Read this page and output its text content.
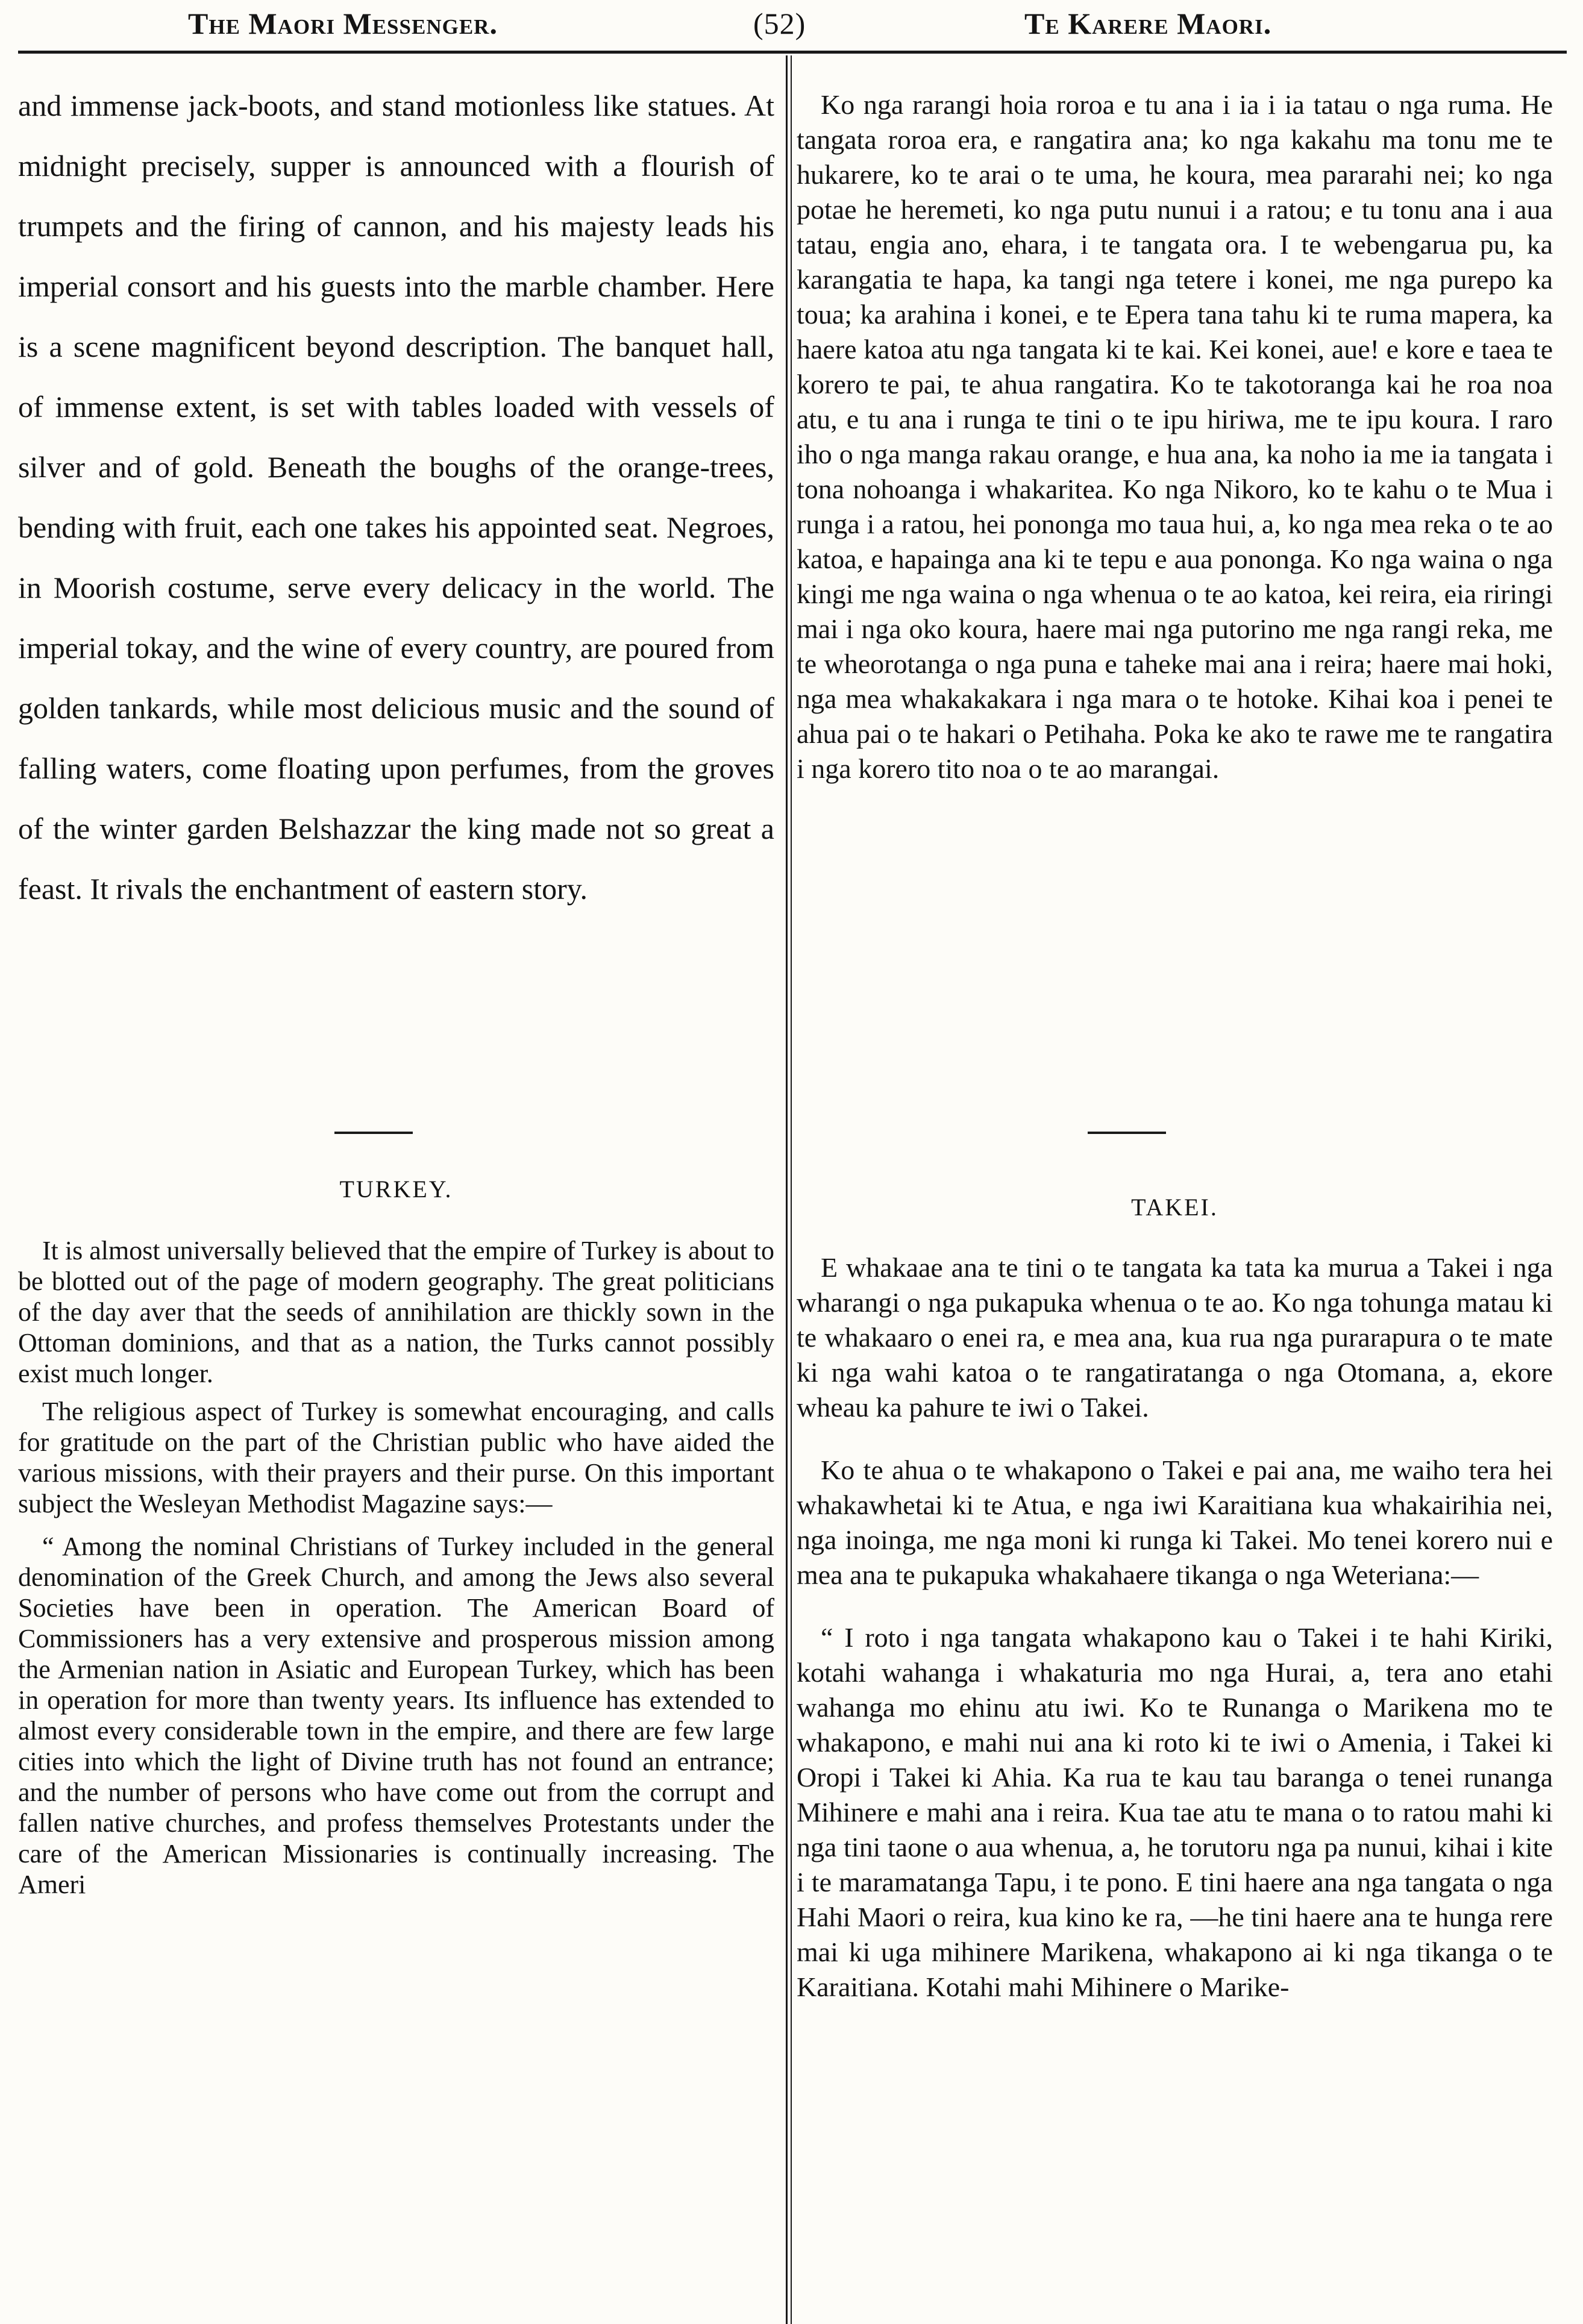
The Maori Messenger.	(52)	Te Karere Maori.

and immense jack-boots, and stand motionless like statues. At midnight precisely, supper is announced with a flourish of trumpets and the firing of cannon, and his majesty leads his imperial consort and his guests into the marble chamber. Here is a scene magnificent beyond description. The banquet hall, of immense extent, is set with tables loaded with vessels of silver and of gold. Beneath the boughs of the orange-trees, bending with fruit, each one takes his appointed seat. Negroes, in Moorish costume, serve every delicacy in the world. The imperial tokay, and the wine of every country, are poured from golden tankards, while most delicious music and the sound of falling waters, come floating upon perfumes, from the groves of the winter garden Belshazzar the king made not so great a feast. It rivals the enchantment of eastern story.

TURKEY.

It is almost universally believed that the empire of Turkey is about to be blotted out of the page of modern geography. The great politicians of the day aver that the seeds of annihilation are thickly sown in the Ottoman dominions, and that as a nation, the Turks cannot possibly exist much longer.

The religious aspect of Turkey is somewhat encouraging, and calls for gratitude on the part of the Christian public who have aided the various missions, with their prayers and their purse. On this important subject the Wesleyan Methodist Magazine says:—

“ Among the nominal Christians of Turkey included in the general denomination of the Greek Church, and among the Jews also several Societies have been in operation. The American Board of Commissioners has a very extensive and prosperous mission among the Armenian nation in Asiatic and European Turkey, which has been in operation for more than twenty years. Its influence has extended to almost every considerable town in the empire, and there are few large cities into which the light of Divine truth has not found an entrance; and the number of persons who have come out from the corrupt and fallen native churches, and profess themselves Protestants under the care of the American Missionaries is continually increasing. The Ameri

Ko nga rarangi hoia roroa e tu ana i ia i ia tatau o nga ruma. He tangata roroa era, e rangatira ana; ko nga kakahu ma tonu me te hukarere, ko te arai o te uma, he koura, mea pararahi nei; ko nga potae he heremeti, ko nga putu nunui i a ratou; e tu tonu ana i aua tatau, engia ano, ehara, i te tangata ora. I te webengarua pu, ka karangatia te hapa, ka tangi nga tetere i konei, me nga purepo ka toua; ka arahina i konei, e te Epera tana tahu ki te ruma mapera, ka haere katoa atu nga tangata ki te kai. Kei konei, aue! e kore e taea te korero te pai, te ahua rangatira. Ko te takotoranga kai he roa noa atu, e tu ana i runga te tini o te ipu hiriwa, me te ipu koura. I raro iho o nga manga rakau orange, e hua ana, ka noho ia me ia tangata i tona nohoanga i whakaritea. Ko nga Nikoro, ko te kahu o te Mua i runga i a ratou, hei pononga mo taua hui, a, ko nga mea reka o te ao katoa, e hapainga ana ki te tepu e aua pononga. Ko nga waina o nga kingi me nga waina o nga whenua o te ao katoa, kei reira, eia riringi mai i nga oko koura, haere mai nga putorino me nga rangi reka, me te wheorotanga o nga puna e taheke mai ana i reira; haere mai hoki, nga mea whakakakara i nga mara o te hotoke. Kihai koa i penei te ahua pai o te hakari o Petihaha. Poka ke ako te rawe me te rangatira i nga korero tito noa o te ao marangai.

TAKEI.

E whakaae ana te tini o te tangata ka tata ka murua a Takei i nga wharangi o nga pukapuka whenua o te ao. Ko nga tohunga matau ki te whakaaro o enei ra, e mea ana, kua rua nga purarapura o te mate ki nga wahi katoa o te rangatiratanga o nga Otomana, a, ekore wheau ka pahure te iwi o Takei.

Ko te ahua o te whakapono o Takei e pai ana, me waiho tera hei whakawhetai ki te Atua, e nga iwi Karaitiana kua whakairihia nei, nga inoinga, me nga moni ki runga ki Takei. Mo tenei korero nui e mea ana te pukapuka whakahaere tikanga o nga Weteriana:—

“ I roto i nga tangata whakapono kau o Takei i te hahi Kiriki, kotahi wahanga i whakaturia mo nga Hurai, a, tera ano etahi wahanga mo ehinu atu iwi. Ko te Runanga o Marikena mo te whakapono, e mahi nui ana ki roto ki te iwi o Amenia, i Takei ki Oropi i Takei ki Ahia. Ka rua te kau tau baranga o tenei runanga Mihinere e mahi ana i reira. Kua tae atu te mana o to ratou mahi ki nga tini taone o aua whenua, a, he torutoru nga pa nunui, kihai i kite i te maramatanga Tapu, i te pono. E tini haere ana nga tangata o nga Hahi Maori o reira, kua kino ke ra, —he tini haere ana te hunga rere mai ki uga mihinere Marikena, whakapono ai ki nga tikanga o te Karaitiana. Kotahi mahi Mihinere o Marike-
